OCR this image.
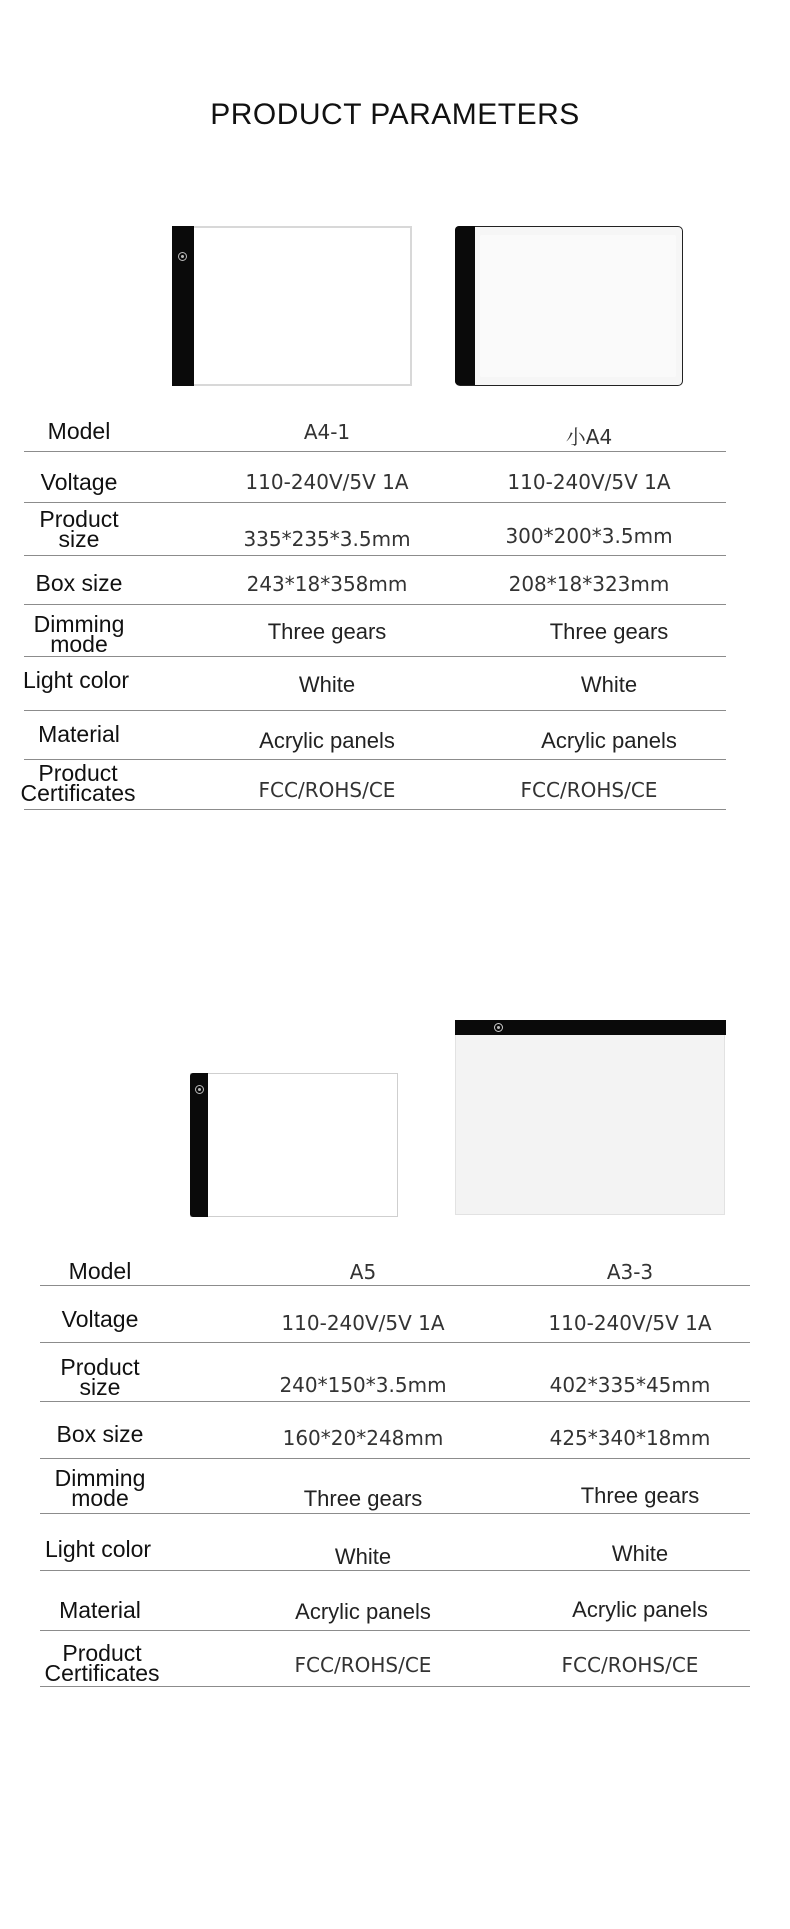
PRODUCT PARAMETERS
Model	A4-1	小A4
Voltage	110-240V/5V 1A	110-240V/5V 1A
Product
size	335*235*3.5mm	300*200*3.5mm
Box size	243*18*358mm	208*18*323mm
Dimming
mode	Three gears	Three gears
Light color	White	White
Material	Acrylic panels	Acrylic panels
Product
Certificates	FCC/ROHS/CE	FCC/ROHS/CE
Model	A5	A3-3
Voltage	110-240V/5V 1A	110-240V/5V 1A
Product
size	240*150*3.5mm	402*335*45mm
Box size	160*20*248mm	425*340*18mm
Dimming
mode	Three gears	Three gears
Light color	White	White
Material	Acrylic panels	Acrylic panels
Product
Certificates	FCC/ROHS/CE	FCC/ROHS/CE
